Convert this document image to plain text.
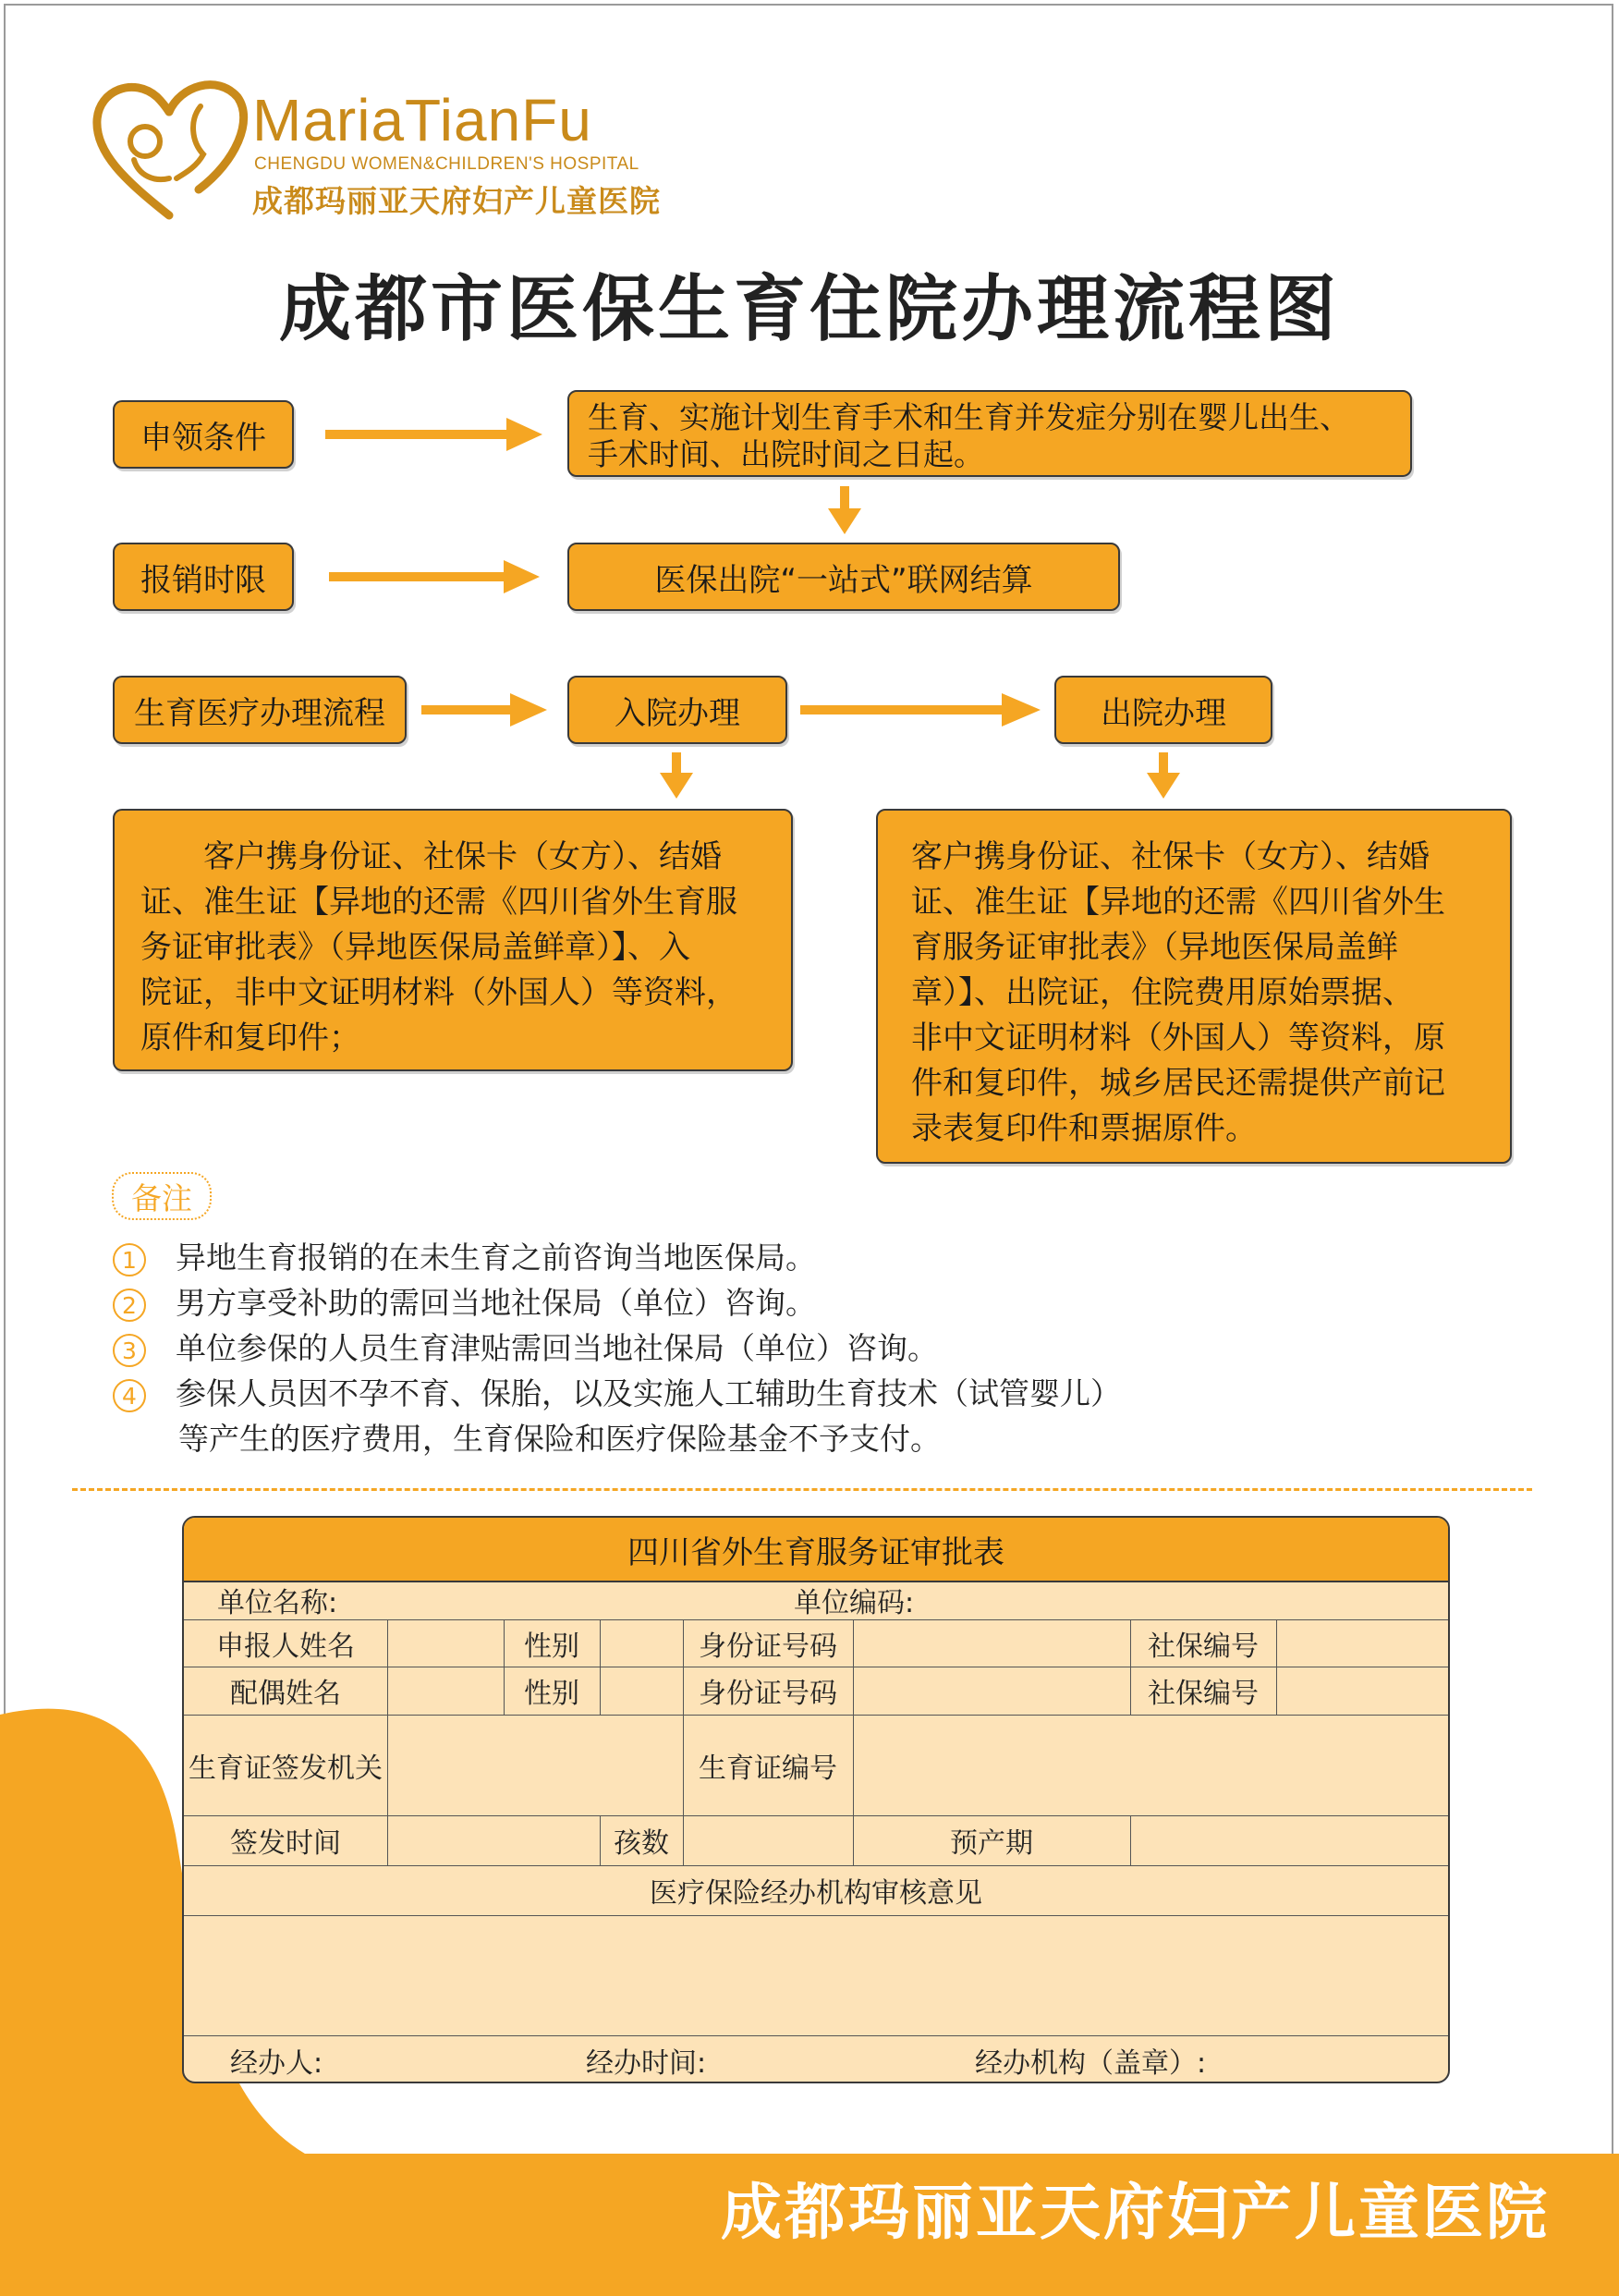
MariaTianFu
CHENGDU WOMEN&CHILDREN'S HOSPITAL
成都玛丽亚天府妇产儿童医院
成都市医保生育住院办理流程图
申领条件
生育、实施计划生育手术和生育并发症分别在婴儿出生、
手术时间、出院时间之日起。
报销时限	医保出院“一站式”联网结算
生育医疗办理流程	入院办理	出院办理
　　客户携身份证、社保卡（女方）、结婚
证、准生证【异地的还需《四川省外生育服
务证审批表》（异地医保局盖鲜章）】、入
院证，非中文证明材料（外国人）等资料，
原件和复印件；
客户携身份证、社保卡（女方）、结婚
证、准生证【异地的还需《四川省外生
育服务证审批表》（异地医保局盖鲜
章）】、出院证，住院费用原始票据、
非中文证明材料（外国人）等资料，原
件和复印件，城乡居民还需提供产前记
录表复印件和票据原件。
备注
1 异地生育报销的在未生育之前咨询当地医保局。
2 男方享受补助的需回当地社保局（单位）咨询。
3 单位参保的人员生育津贴需回当地社保局（单位）咨询。
4 参保人员因不孕不育、保胎，以及实施人工辅助生育技术（试管婴儿）
等产生的医疗费用，生育保险和医疗保险基金不予支付。
四川省外生育服务证审批表
单位名称:	单位编码:
申报人姓名	性别	身份证号码	社保编号
配偶姓名	性别	身份证号码	社保编号
生育证签发机关	生育证编号
签发时间	孩数	预产期
医疗保险经办机构审核意见
经办人:	经办时间:	经办机构（盖章）:
成都玛丽亚天府妇产儿童医院
